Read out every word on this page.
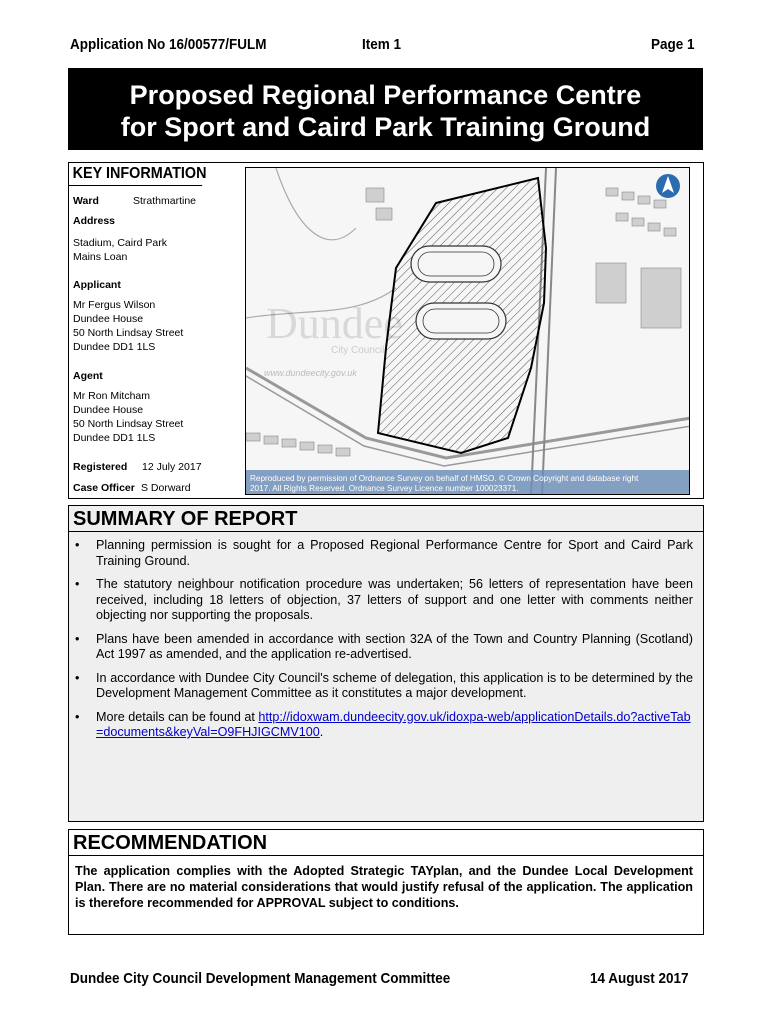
Application No 16/00577/FULM	Item 1	Page 1
Proposed Regional Performance Centre
for Sport and Caird Park Training Ground
KEY INFORMATION
Ward	Strathmartine
Address
Stadium, Caird Park
Mains Loan
Applicant
Mr Fergus Wilson
Dundee House
50 North Lindsay Street
Dundee DD1 1LS
Agent
Mr Ron Mitcham
Dundee House
50 North Lindsay Street
Dundee DD1 1LS
Registered 12 July 2017
Case Officer S Dorward
Dundee
City Council
www.dundeecity.gov.uk
Reproduced by permission of Ordnance Survey on behalf of HMSO. © Crown Copyright and database right
2017. All Rights Reserved. Ordnance Survey Licence number 100023371.
SUMMARY OF REPORT
• Planning permission is sought for a Proposed Regional Performance Centre for Sport and Caird Park Training Ground.
• The statutory neighbour notification procedure was undertaken; 56 letters of representation have been received, including 18 letters of objection, 37 letters of support and one letter with comments neither objecting nor supporting the proposals.
• Plans have been amended in accordance with section 32A of the Town and Country Planning (Scotland) Act 1997 as amended, and the application re-advertised.
• In accordance with Dundee City Council's scheme of delegation, this application is to be determined by the Development Management Committee as it constitutes a major development.
• More details can be found at http://idoxwam.dundeecity.gov.uk/idoxpa-web/applicationDetails.do?activeTab=documents&keyVal=O9FHJIGCMV100.
RECOMMENDATION
The application complies with the Adopted Strategic TAYplan, and the Dundee Local Development Plan. There are no material considerations that would justify refusal of the application. The application is therefore recommended for APPROVAL subject to conditions.
Dundee City Council Development Management Committee	14 August 2017
